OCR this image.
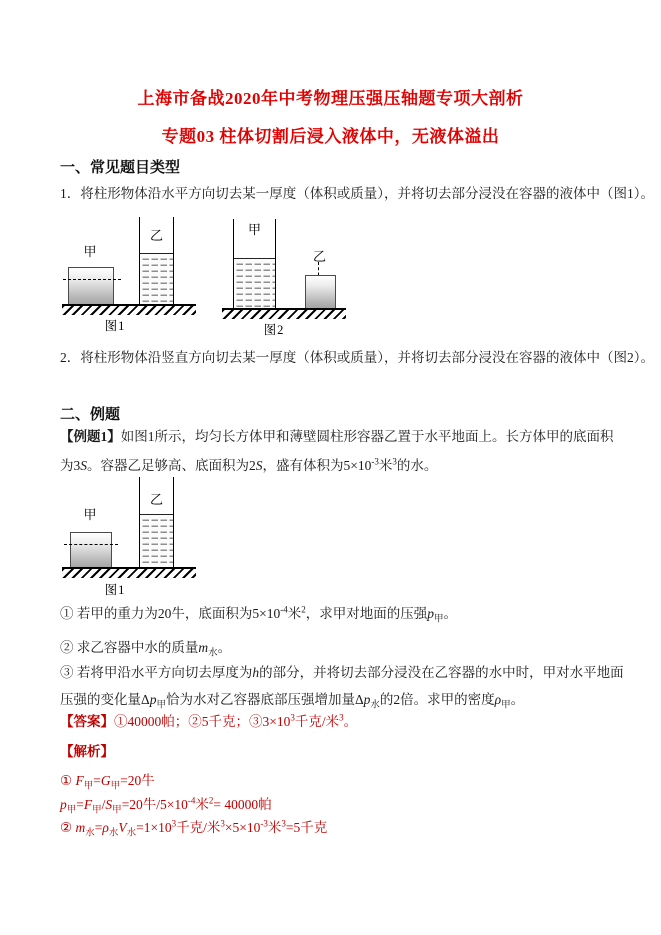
上海市备战2020年中考物理压强压轴题专项大剖析
专题03 柱体切割后浸入液体中，无液体溢出
一、常见题目类型
1．将柱形物体沿水平方向切去某一厚度（体积或质量），并将切去部分浸没在容器的液体中（图1）。
甲
乙
图1
甲
乙
图2
2．将柱形物体沿竖直方向切去某一厚度（体积或质量），并将切去部分浸没在容器的液体中（图2）。
二、例题
【例题1】如图1所示，均匀长方体甲和薄壁圆柱形容器乙置于水平地面上。长方体甲的底面积为3S。容器乙足够高、底面积为2S，盛有体积为$5\times 10^{-3}$米$^3$的水。
甲
乙
图1
① 若甲的重力为20牛，底面积为$5\times 10^{-4}$米$^2$，求甲对地面的压强$p_甲$。
② 求乙容器中水的质量$m_水$。
③ 若将甲沿水平方向切去厚度为h的部分，并将切去部分浸没在乙容器的水中时，甲对水平地面压强的变化量$\Delta p_甲$恰为水对乙容器底部压强增加量$\Delta p_水$的2倍。求甲的密度$\rho_甲$。
【答案】①40000帕；②5千克；$③3\times 10^3$千克/米$^3$。
【解析】
① $F_甲=G_甲=20$牛
$p_甲=F_甲/S_甲=20$牛$/5\times 10^{-4}$米$^2$= 40000帕
② $m_水=\rho_水V_水=1\times 10^3$千克/米$^3\times 5\times 10^{-3}$米$^3$=5千克
